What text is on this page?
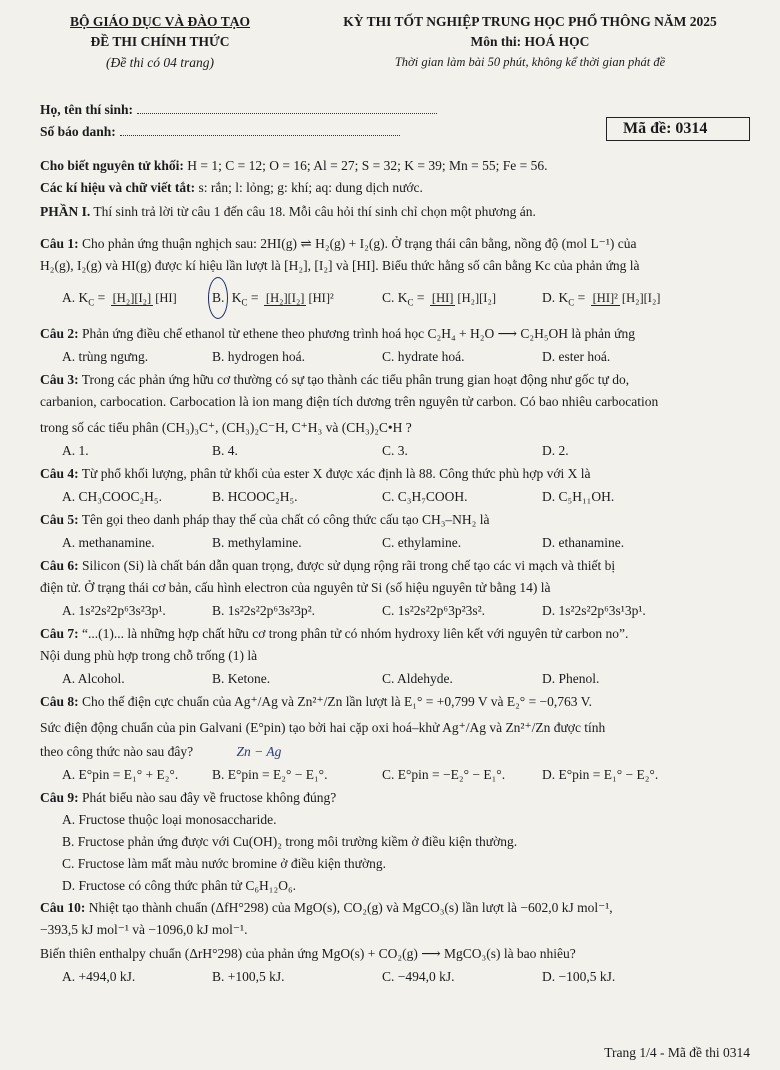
BỘ GIÁO DỤC VÀ ĐÀO TẠO
ĐỀ THI CHÍNH THỨC
(Đề thi có 04 trang)
KỲ THI TỐT NGHIỆP TRUNG HỌC PHỔ THÔNG NĂM 2025
Môn thi: HOÁ HỌC
Thời gian làm bài 50 phút, không kể thời gian phát đề
Họ, tên thí sinh:
Số báo danh:	Mã đề: 0314
Cho biết nguyên tử khối: H = 1; C = 12; O = 16; Al = 27; S = 32; K = 39; Mn = 55; Fe = 56.
Các kí hiệu và chữ viết tắt: s: rắn; l: lỏng; g: khí; aq: dung dịch nước.
PHẦN I. Thí sinh trả lời từ câu 1 đến câu 18. Mỗi câu hỏi thí sinh chỉ chọn một phương án.
Câu 1: Cho phản ứng thuận nghịch sau: 2HI(g) ⇌ H₂(g) + I₂(g). Ở trạng thái cân bằng, nồng độ (mol L⁻¹) của
H₂(g), I₂(g) và HI(g) được kí hiệu lần lượt là [H₂], [I₂] và [HI]. Biểu thức hằng số cân bằng Kc của phản ứng là
A. $K_C = [H_2][I_2]$ [HI]	B. $K_C = [H_2][I_2]$ [HI]²	C. $K_C = [HI]$ [H₂][I₂]	D. $K_C = [HI]^2$ [H₂][I₂]
Câu 2: Phản ứng điều chế ethanol từ ethene theo phương trình hoá học C₂H₄ + H₂O ⟶ C₂H₅OH là phản ứng
A. trùng ngưng.	B. hydrogen hoá.	C. hydrate hoá.	D. ester hoá.
Câu 3: Trong các phản ứng hữu cơ thường có sự tạo thành các tiểu phân trung gian hoạt động như gốc tự do,
carbanion, carbocation. Carbocation là ion mang điện tích dương trên nguyên tử carbon. Có bao nhiêu carbocation
trong số các tiểu phân (CH₃)₃C⁺, (CH₃)₂C⁻H, C⁺H₃ và (CH₃)₂C•H ?
A. 1.	B. 4.	C. 3.	D. 2.
Câu 4: Từ phổ khối lượng, phân tử khối của ester X được xác định là 88. Công thức phù hợp với X là
A. CH₃COOC₂H₅.	B. HCOOC₂H₅.	C. C₃H₇COOH.	D. C₅H₁₁OH.
Câu 5: Tên gọi theo danh pháp thay thế của chất có công thức cấu tạo CH₃–NH₂ là
A. methanamine.	B. methylamine.	C. ethylamine.	D. ethanamine.
Câu 6: Silicon (Si) là chất bán dẫn quan trọng, được sử dụng rộng rãi trong chế tạo các vi mạch và thiết bị
điện tử. Ở trạng thái cơ bản, cấu hình electron của nguyên tử Si (số hiệu nguyên tử bằng 14) là
A. 1s²2s²2p⁶3s²3p¹.	B. 1s²2s²2p⁶3s²3p².	C. 1s²2s²2p⁶3p²3s².	D. 1s²2s²2p⁶3s¹3p¹.
Câu 7: “...(1)... là những hợp chất hữu cơ trong phân tử có nhóm hydroxy liên kết với nguyên tử carbon no”.
Nội dung phù hợp trong chỗ trống (1) là
A. Alcohol.	B. Ketone.	C. Aldehyde.	D. Phenol.
Câu 8: Cho thế điện cực chuẩn của Ag⁺/Ag và Zn²⁺/Zn lần lượt là E₁° = +0,799 V và E₂° = −0,763 V.
Sức điện động chuẩn của pin Galvani (E°pin) tạo bởi hai cặp oxi hoá–khử Ag⁺/Ag và Zn²⁺/Zn được tính
theo công thức nào sau đây?	Zn − Ag
A. E°pin = E₁° + E₂°.	B. E°pin = E₂° − E₁°.	C. E°pin = −E₂° − E₁°.	D. E°pin = E₁° − E₂°.
Câu 9: Phát biểu nào sau đây về fructose không đúng?
A. Fructose thuộc loại monosaccharide.
B. Fructose phản ứng được với Cu(OH)₂ trong môi trường kiềm ở điều kiện thường.
C. Fructose làm mất màu nước bromine ở điều kiện thường.
D. Fructose có công thức phân tử C₆H₁₂O₆.
Câu 10: Nhiệt tạo thành chuẩn (ΔfH°298) của MgO(s), CO₂(g) và MgCO₃(s) lần lượt là −602,0 kJ mol⁻¹,
−393,5 kJ mol⁻¹ và −1096,0 kJ mol⁻¹.
Biến thiên enthalpy chuẩn (ΔrH°298) của phản ứng MgO(s) + CO₂(g) ⟶ MgCO₃(s) là bao nhiêu?
A. +494,0 kJ.	B. +100,5 kJ.	C. −494,0 kJ.	D. −100,5 kJ.
Trang 1/4 - Mã đề thi 0314
